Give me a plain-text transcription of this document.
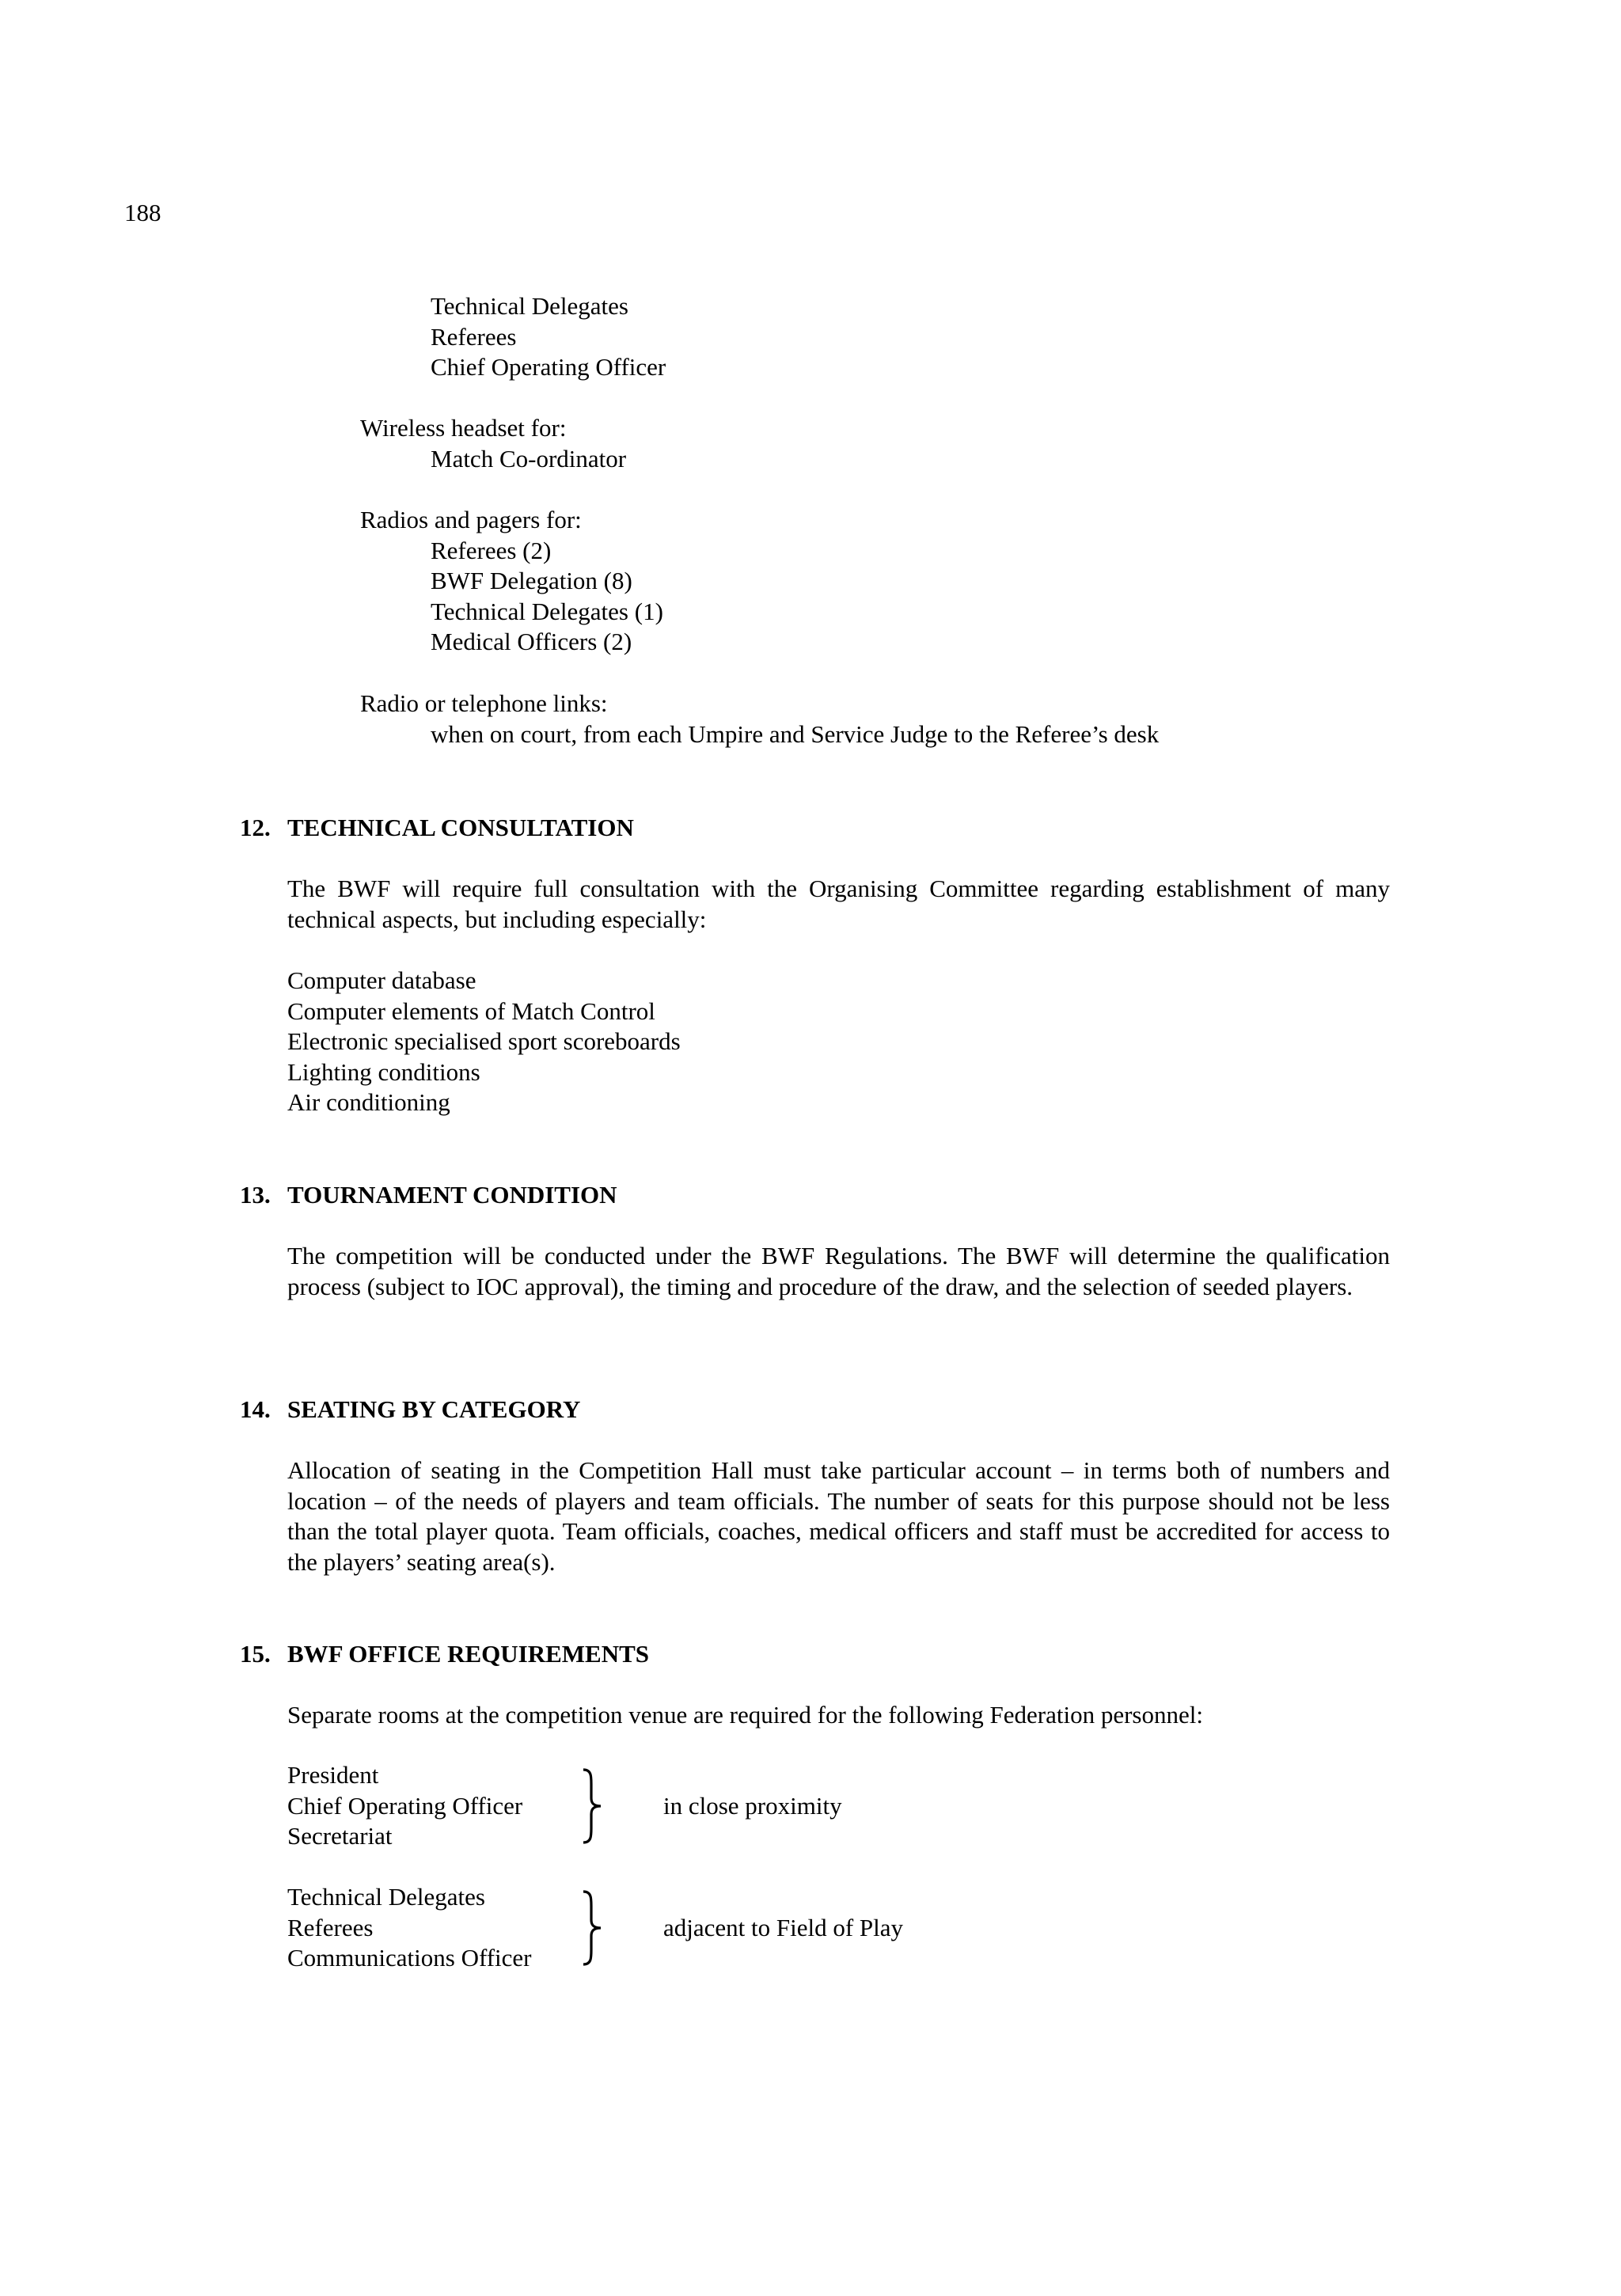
188

Technical Delegates
Referees
Chief Operating Officer
Wireless headset for:
Match Co-ordinator
Radios and pagers for:
Referees (2)
BWF Delegation (8)
Technical Delegates (1)
Medical Officers (2)
Radio or telephone links:
when on court, from each Umpire and Service Judge to the Referee’s desk
12. TECHNICAL CONSULTATION

The BWF will require full consultation with the Organising Committee regarding establishment of many technical aspects, but including especially:

Computer database
Computer elements of Match Control
Electronic specialised sport scoreboards
Lighting conditions
Air conditioning
13. TOURNAMENT CONDITION

The competition will be conducted under the BWF Regulations. The BWF will determine the qualification process (subject to IOC approval), the timing and procedure of the draw, and the selection of seeded players.

14. SEATING BY CATEGORY

Allocation of seating in the Competition Hall must take particular account – in terms both of numbers and location – of the needs of players and team officials. The number of seats for this purpose should not be less than the total player quota. Team officials, coaches, medical officers and staff must be accredited for access to the players’ seating area(s).

15. BWF OFFICE REQUIREMENTS

Separate rooms at the competition venue are required for the following Federation personnel:

President
Chief Operating Officer
Secretariat
in close proximity
Technical Delegates
Referees
Communications Officer
adjacent to Field of Play
